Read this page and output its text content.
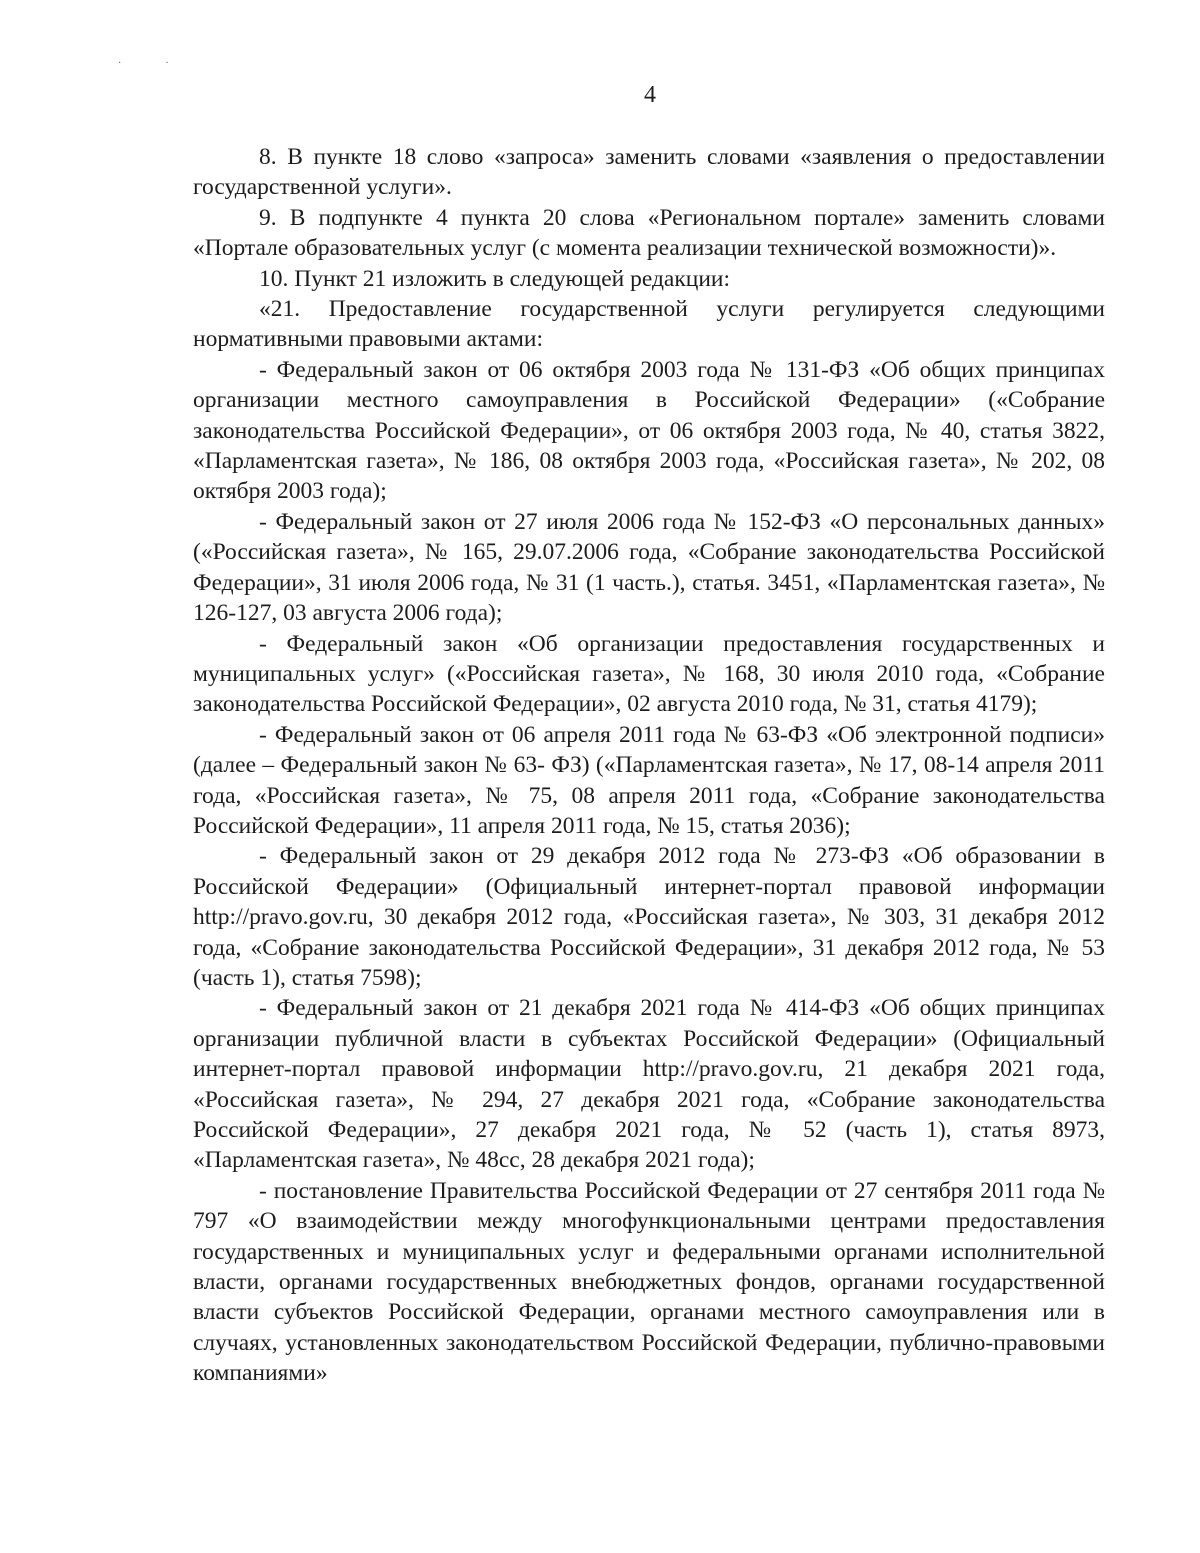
··
4

8. В пункте 18 слово «запроса» заменить словами «заявления о предоставлении государственной услуги».

9. В подпункте 4 пункта 20 слова «Региональном портале» заменить словами «Портале образовательных услуг (с момента реализации технической возможности)».

10. Пункт 21 изложить в следующей редакции:

«21. Предоставление государственной услуги регулируется следующими нормативными правовыми актами:

- Федеральный закон от 06 октября 2003 года № 131-ФЗ «Об общих принципах организации местного самоуправления в Российской Федерации» («Собрание законодательства Российской Федерации», от 06 октября 2003 года, № 40, статья 3822, «Парламентская газета», № 186, 08 октября 2003 года, «Российская газета», № 202, 08 октября 2003 года);

- Федеральный закон от 27 июля 2006 года № 152-ФЗ «О персональных данных» («Российская газета», № 165, 29.07.2006 года, «Собрание законодательства Российской Федерации», 31 июля 2006 года, № 31 (1 часть.), статья. 3451, «Парламентская газета», № 126-127, 03 августа 2006 года);

- Федеральный закон «Об организации предоставления государственных и муниципальных услуг» («Российская газета», № 168, 30 июля 2010 года, «Собрание законодательства Российской Федерации», 02 августа 2010 года, № 31, статья 4179);

- Федеральный закон от 06 апреля 2011 года № 63-ФЗ «Об электронной подписи» (далее – Федеральный закон № 63- ФЗ) («Парламентская газета», № 17, 08-14 апреля 2011 года, «Российская газета», № 75, 08 апреля 2011 года, «Собрание законодательства Российской Федерации», 11 апреля 2011 года, № 15, статья 2036);

- Федеральный закон от 29 декабря 2012 года № 273-ФЗ «Об образовании в Российской Федерации» (Официальный интернет-портал правовой информации http://pravo.gov.ru, 30 декабря 2012 года, «Российская газета», № 303, 31 декабря 2012 года, «Собрание законодательства Российской Федерации», 31 декабря 2012 года, № 53 (часть 1), статья 7598);

- Федеральный закон от 21 декабря 2021 года № 414-ФЗ «Об общих принципах организации публичной власти в субъектах Российской Федерации» (Официальный интернет-портал правовой информации http://pravo.gov.ru, 21 декабря 2021 года, «Российская газета», № 294, 27 декабря 2021 года, «Собрание законодательства Российской Федерации», 27 декабря 2021 года, № 52 (часть 1), статья 8973, «Парламентская газета», № 48сс, 28 декабря 2021 года);

- постановление Правительства Российской Федерации от 27 сентября 2011 года № 797 «О взаимодействии между многофункциональными центрами предоставления государственных и муниципальных услуг и федеральными органами исполнительной власти, органами государственных внебюджетных фондов, органами государственной власти субъектов Российской Федерации, органами местного самоуправления или в случаях, установленных законодательством Российской Федерации, публично-правовыми компаниями»
